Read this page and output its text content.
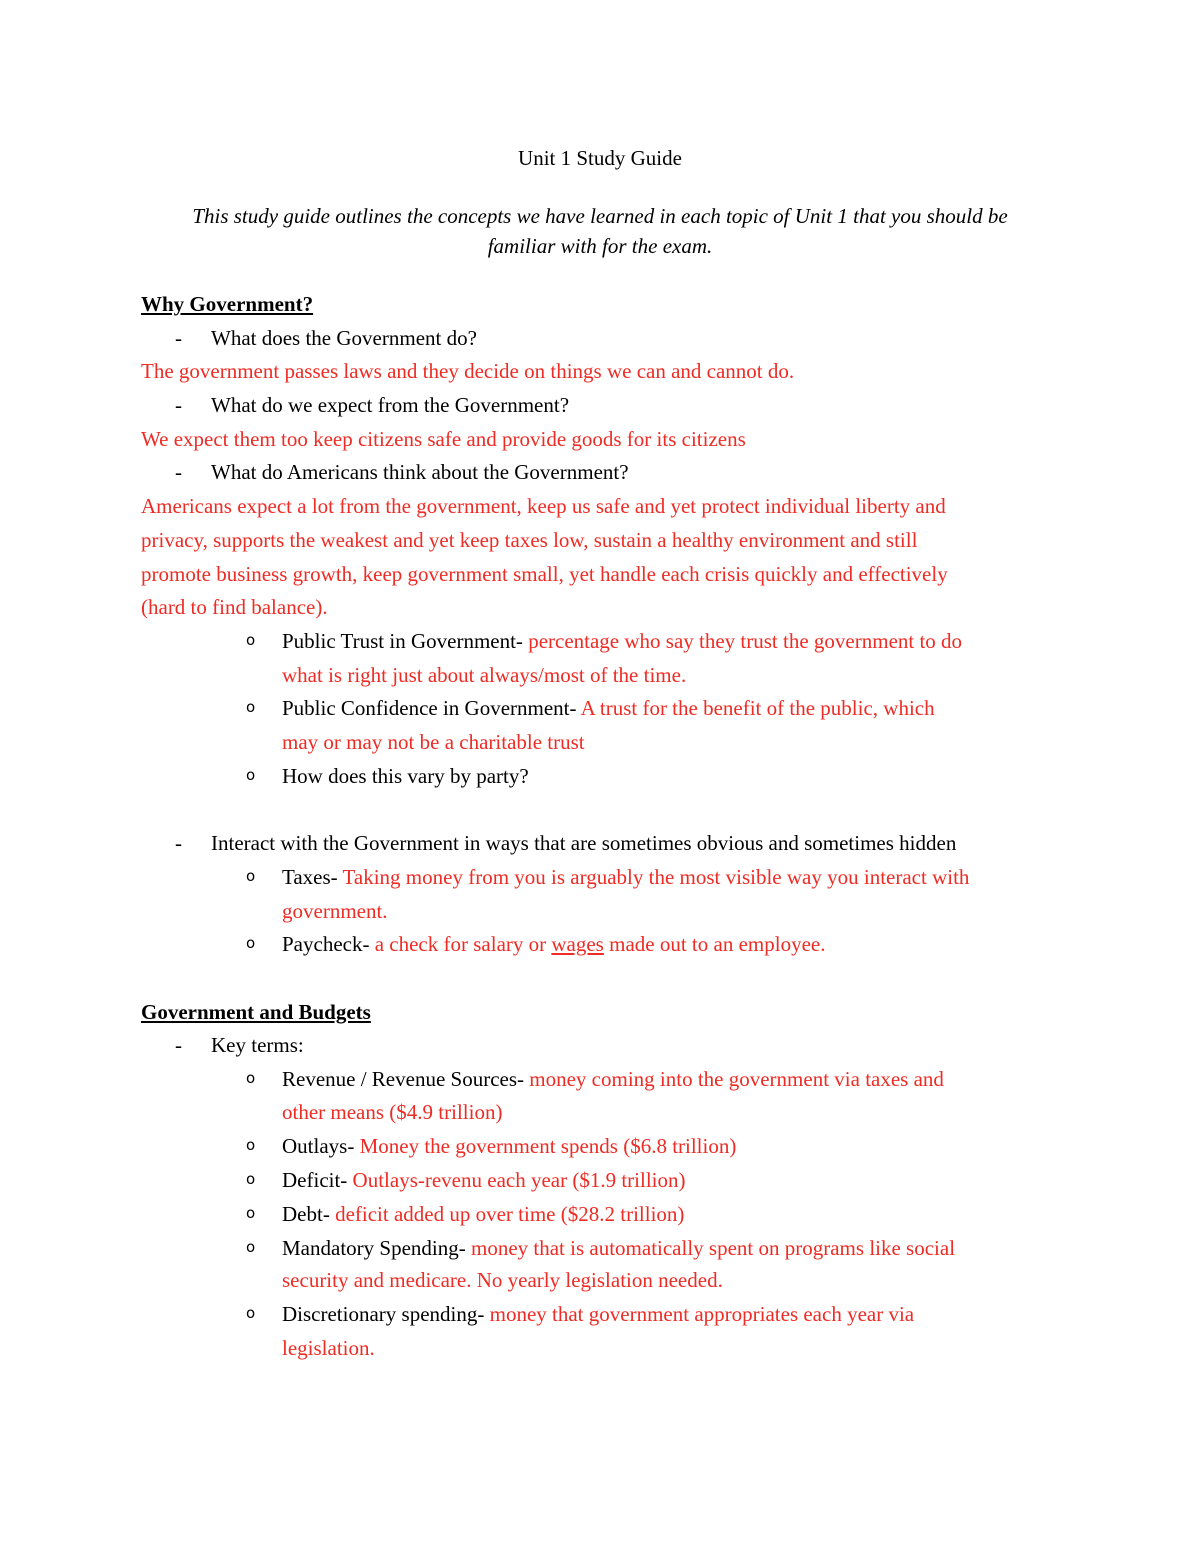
Unit 1 Study Guide
This study guide outlines the concepts we have learned in each topic of Unit 1 that you should be
familiar with for the exam.
Why Government?
- What does the Government do?
The government passes laws and they decide on things we can and cannot do.
- What do we expect from the Government?
We expect them too keep citizens safe and provide goods for its citizens
- What do Americans think about the Government?
Americans expect a lot from the government, keep us safe and yet protect individual liberty and
privacy, supports the weakest and yet keep taxes low, sustain a healthy environment and still
promote business growth, keep government small, yet handle each crisis quickly and effectively
(hard to find balance).
o Public Trust in Government- percentage who say they trust the government to do
what is right just about always/most of the time.
o Public Confidence in Government- A trust for the benefit of the public, which
may or may not be a charitable trust
o How does this vary by party?
- Interact with the Government in ways that are sometimes obvious and sometimes hidden
o Taxes- Taking money from you is arguably the most visible way you interact with
government.
o Paycheck- a check for salary or wages made out to an employee.
Government and Budgets
- Key terms:
o Revenue / Revenue Sources- money coming into the government via taxes and
other means ($4.9 trillion)
o Outlays- Money the government spends ($6.8 trillion)
o Deficit- Outlays-revenu each year ($1.9 trillion)
o Debt- deficit added up over time ($28.2 trillion)
o Mandatory Spending- money that is automatically spent on programs like social
security and medicare. No yearly legislation needed.
o Discretionary spending- money that government appropriates each year via
legislation.
